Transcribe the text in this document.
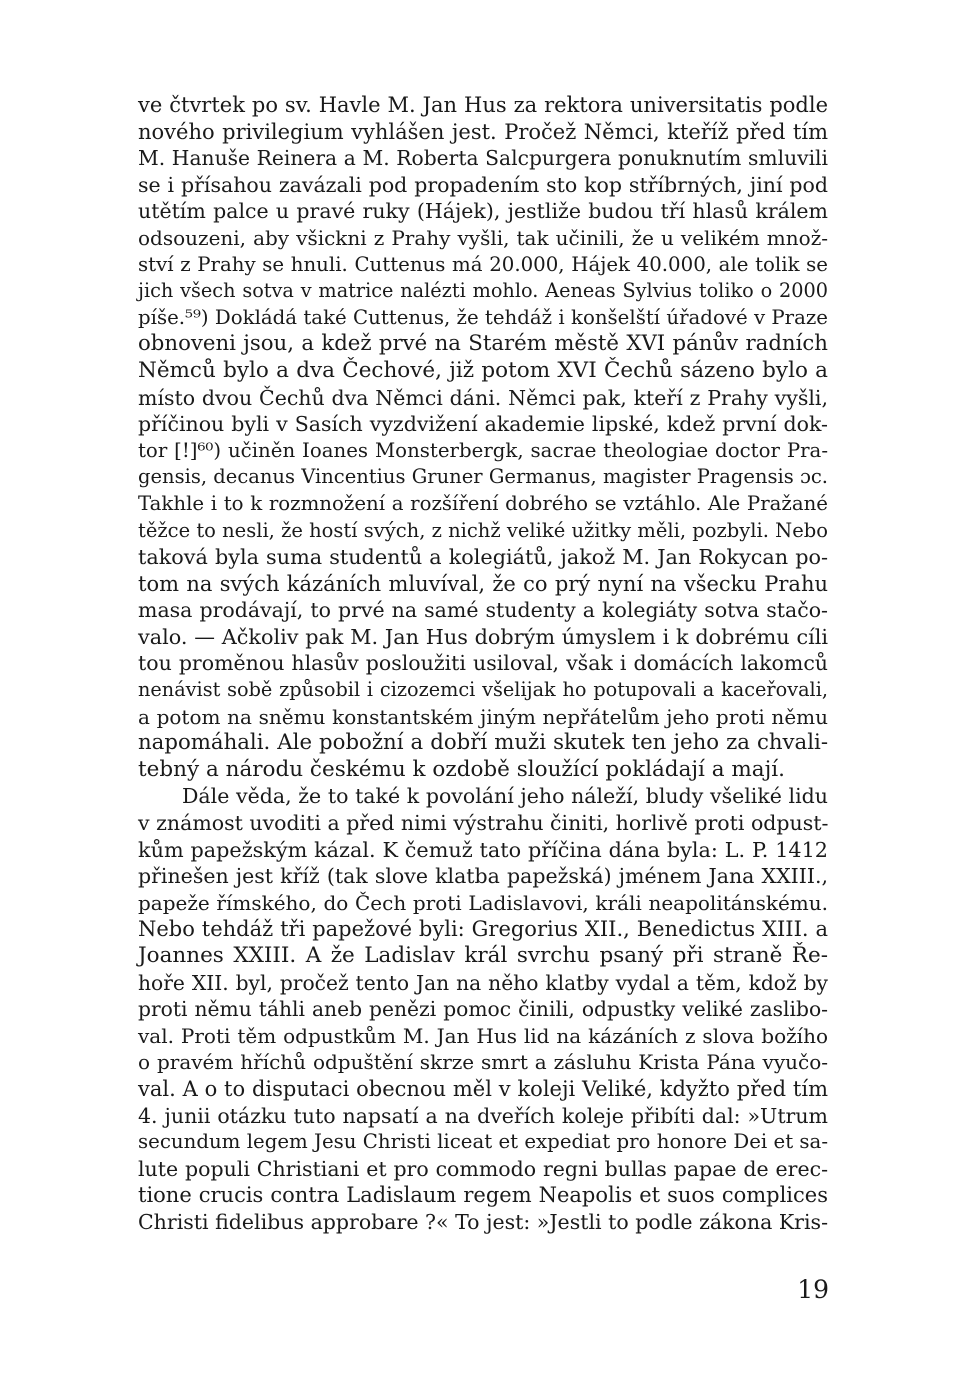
ve čtvrtek po sv. Havle M. Jan Hus za rektora universitatis podle
nového privilegium vyhlášen jest. Pročež Němci, kteříž před tím
M. Hanuše Reinera a M. Roberta Salcpurgera ponuknutím smluvili
se i přísahou zavázali pod propadením sto kop stříbrných, jiní pod
utětím palce u pravé ruky (Hájek), jestliže budou tří hlasů králem
odsouzeni, aby všickni z Prahy vyšli, tak učinili, že u velikém množ-
ství z Prahy se hnuli. Cuttenus má 20.000, Hájek 40.000, ale tolik se
jich všech sotva v matrice nalézti mohlo. Aeneas Sylvius toliko o 2000
píše.⁵⁹) Dokládá také Cuttenus, že tehdáž i konšelští úřadové v Praze
obnoveni jsou, a kdež prvé na Starém městě XVI pánův radních
Němců bylo a dva Čechové, již potom XVI Čechů sázeno bylo a
místo dvou Čechů dva Němci dáni. Němci pak, kteří z Prahy vyšli,
příčinou byli v Sasích vyzdvižení akademie lipské, kdež první dok-
tor [!]⁶⁰) učiněn Ioanes Monsterbergk, sacrae theologiae doctor Pra-
gensis, decanus Vincentius Gruner Germanus, magister Pragensis ɔc.
Takhle i to k rozmnožení a rozšíření dobrého se vztáhlo. Ale Pražané
těžce to nesli, že hostí svých, z nichž veliké užitky měli, pozbyli. Nebo
taková byla suma studentů a kolegiátů, jakož M. Jan Rokycan po-
tom na svých kázáních mluvíval, že co prý nyní na všecku Prahu
masa prodávají, to prvé na samé studenty a kolegiáty sotva stačo-
valo. — Ačkoliv pak M. Jan Hus dobrým úmyslem i k dobrému cíli
tou proměnou hlasův posloužiti usiloval, však i domácích lakomců
nenávist sobě způsobil i cizozemci všelijak ho potupovali a kaceřovali,
a potom na sněmu konstantském jiným nepřátelům jeho proti němu
napomáhali. Ale pobožní a dobří muži skutek ten jeho za chvali-
tebný a národu českému k ozdobě sloužící pokládají a mají.
Dále věda, že to také k povolání jeho náleží, bludy všeliké lidu
v známost uvoditi a před nimi výstrahu činiti, horlivě proti odpust-
kům papežským kázal. K čemuž tato příčina dána byla: L. P. 1412
přinešen jest kříž (tak slove klatba papežská) jménem Jana XXIII.,
papeže římského, do Čech proti Ladislavovi, králi neapolitánskému.
Nebo tehdáž tři papežové byli: Gregorius XII., Benedictus XIII. a
Joannes XXIII. A že Ladislav král svrchu psaný při straně Ře-
hoře XII. byl, pročež tento Jan na něho klatby vydal a těm, kdož by
proti němu táhli aneb penězi pomoc činili, odpustky veliké zaslibo-
val. Proti těm odpustkům M. Jan Hus lid na kázáních z slova božího
o pravém hříchů odpuštění skrze smrt a zásluhu Krista Pána vyučo-
val. A o to disputaci obecnou měl v koleji Veliké, kdyžto před tím
4. junii otázku tuto napsatí a na dveřích koleje přibíti dal: »Utrum
secundum legem Jesu Christi liceat et expediat pro honore Dei et sa-
lute populi Christiani et pro commodo regni bullas papae de erec-
tione crucis contra Ladislaum regem Neapolis et suos complices
Christi fidelibus approbare ?« To jest: »Jestli to podle zákona Kris-
19
